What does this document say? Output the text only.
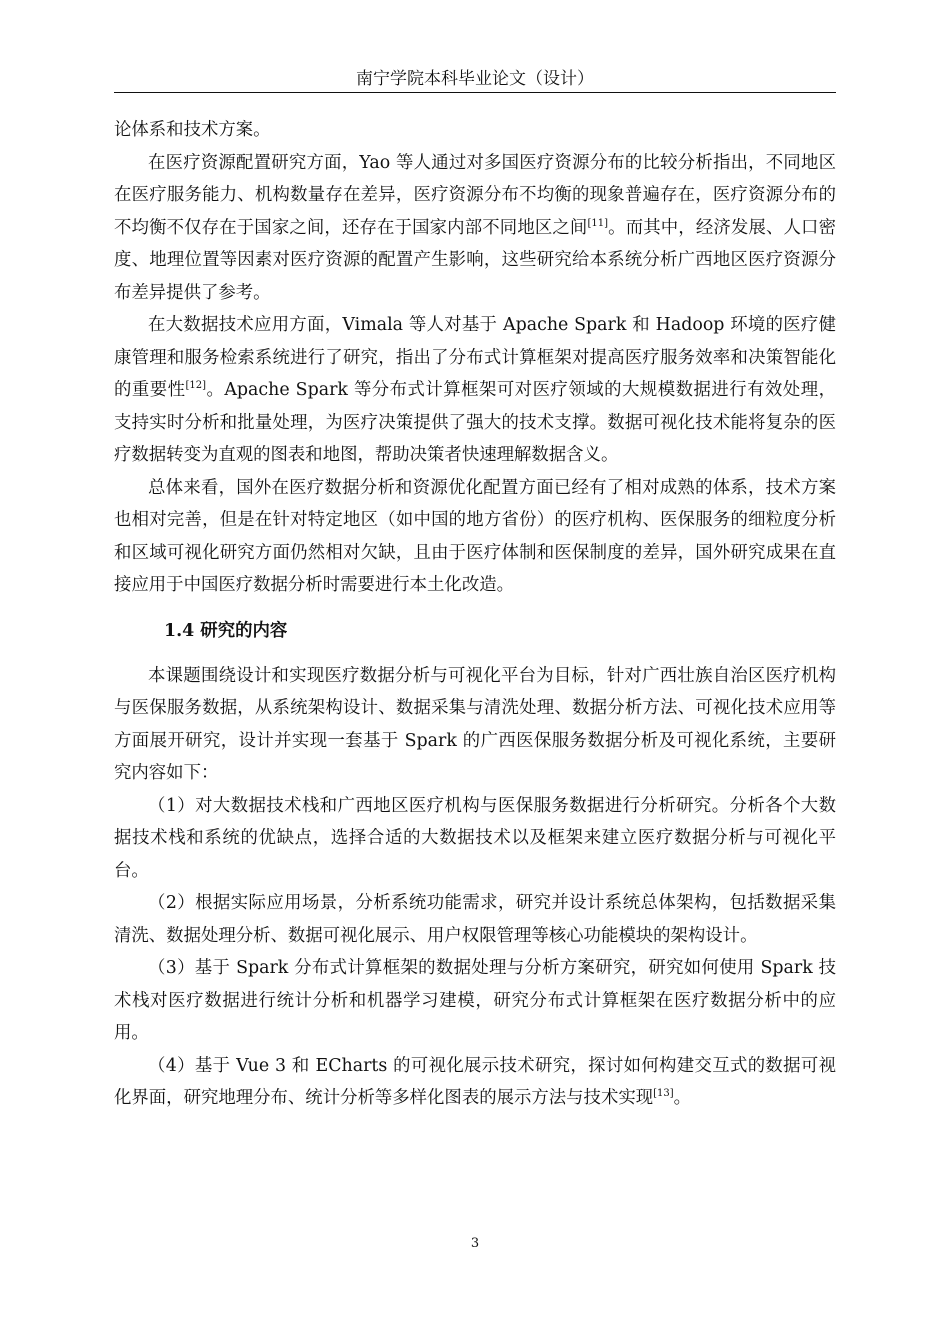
南宁学院本科毕业论文（设计）

论体系和技术方案。

在医疗资源配置研究方面，Yao 等人通过对多国医疗资源分布的比较分析指出，不同地区在医疗服务能力、机构数量存在差异，医疗资源分布不均衡的现象普遍存在，医疗资源分布的不均衡不仅存在于国家之间，还存在于国家内部不同地区之间[11]。而其中，经济发展、人口密度、地理位置等因素对医疗资源的配置产生影响，这些研究给本系统分析广西地区医疗资源分布差异提供了参考。

在大数据技术应用方面，Vimala 等人对基于 Apache Spark 和 Hadoop 环境的医疗健康管理和服务检索系统进行了研究，指出了分布式计算框架对提高医疗服务效率和决策智能化的重要性[12]。Apache Spark 等分布式计算框架可对医疗领域的大规模数据进行有效处理，支持实时分析和批量处理，为医疗决策提供了强大的技术支撑。数据可视化技术能将复杂的医疗数据转变为直观的图表和地图，帮助决策者快速理解数据含义。

总体来看，国外在医疗数据分析和资源优化配置方面已经有了相对成熟的体系，技术方案也相对完善，但是在针对特定地区（如中国的地方省份）的医疗机构、医保服务的细粒度分析和区域可视化研究方面仍然相对欠缺，且由于医疗体制和医保制度的差异，国外研究成果在直接应用于中国医疗数据分析时需要进行本土化改造。

1.4 研究的内容

本课题围绕设计和实现医疗数据分析与可视化平台为目标，针对广西壮族自治区医疗机构与医保服务数据，从系统架构设计、数据采集与清洗处理、数据分析方法、可视化技术应用等方面展开研究，设计并实现一套基于 Spark 的广西医保服务数据分析及可视化系统，主要研究内容如下：

（1）对大数据技术栈和广西地区医疗机构与医保服务数据进行分析研究。分析各个大数据技术栈和系统的优缺点，选择合适的大数据技术以及框架来建立医疗数据分析与可视化平台。

（2）根据实际应用场景，分析系统功能需求，研究并设计系统总体架构，包括数据采集清洗、数据处理分析、数据可视化展示、用户权限管理等核心功能模块的架构设计。

（3）基于 Spark 分布式计算框架的数据处理与分析方案研究，研究如何使用 Spark 技术栈对医疗数据进行统计分析和机器学习建模，研究分布式计算框架在医疗数据分析中的应用。

（4）基于 Vue 3 和 ECharts 的可视化展示技术研究，探讨如何构建交互式的数据可视化界面，研究地理分布、统计分析等多样化图表的展示方法与技术实现[13]。

3
